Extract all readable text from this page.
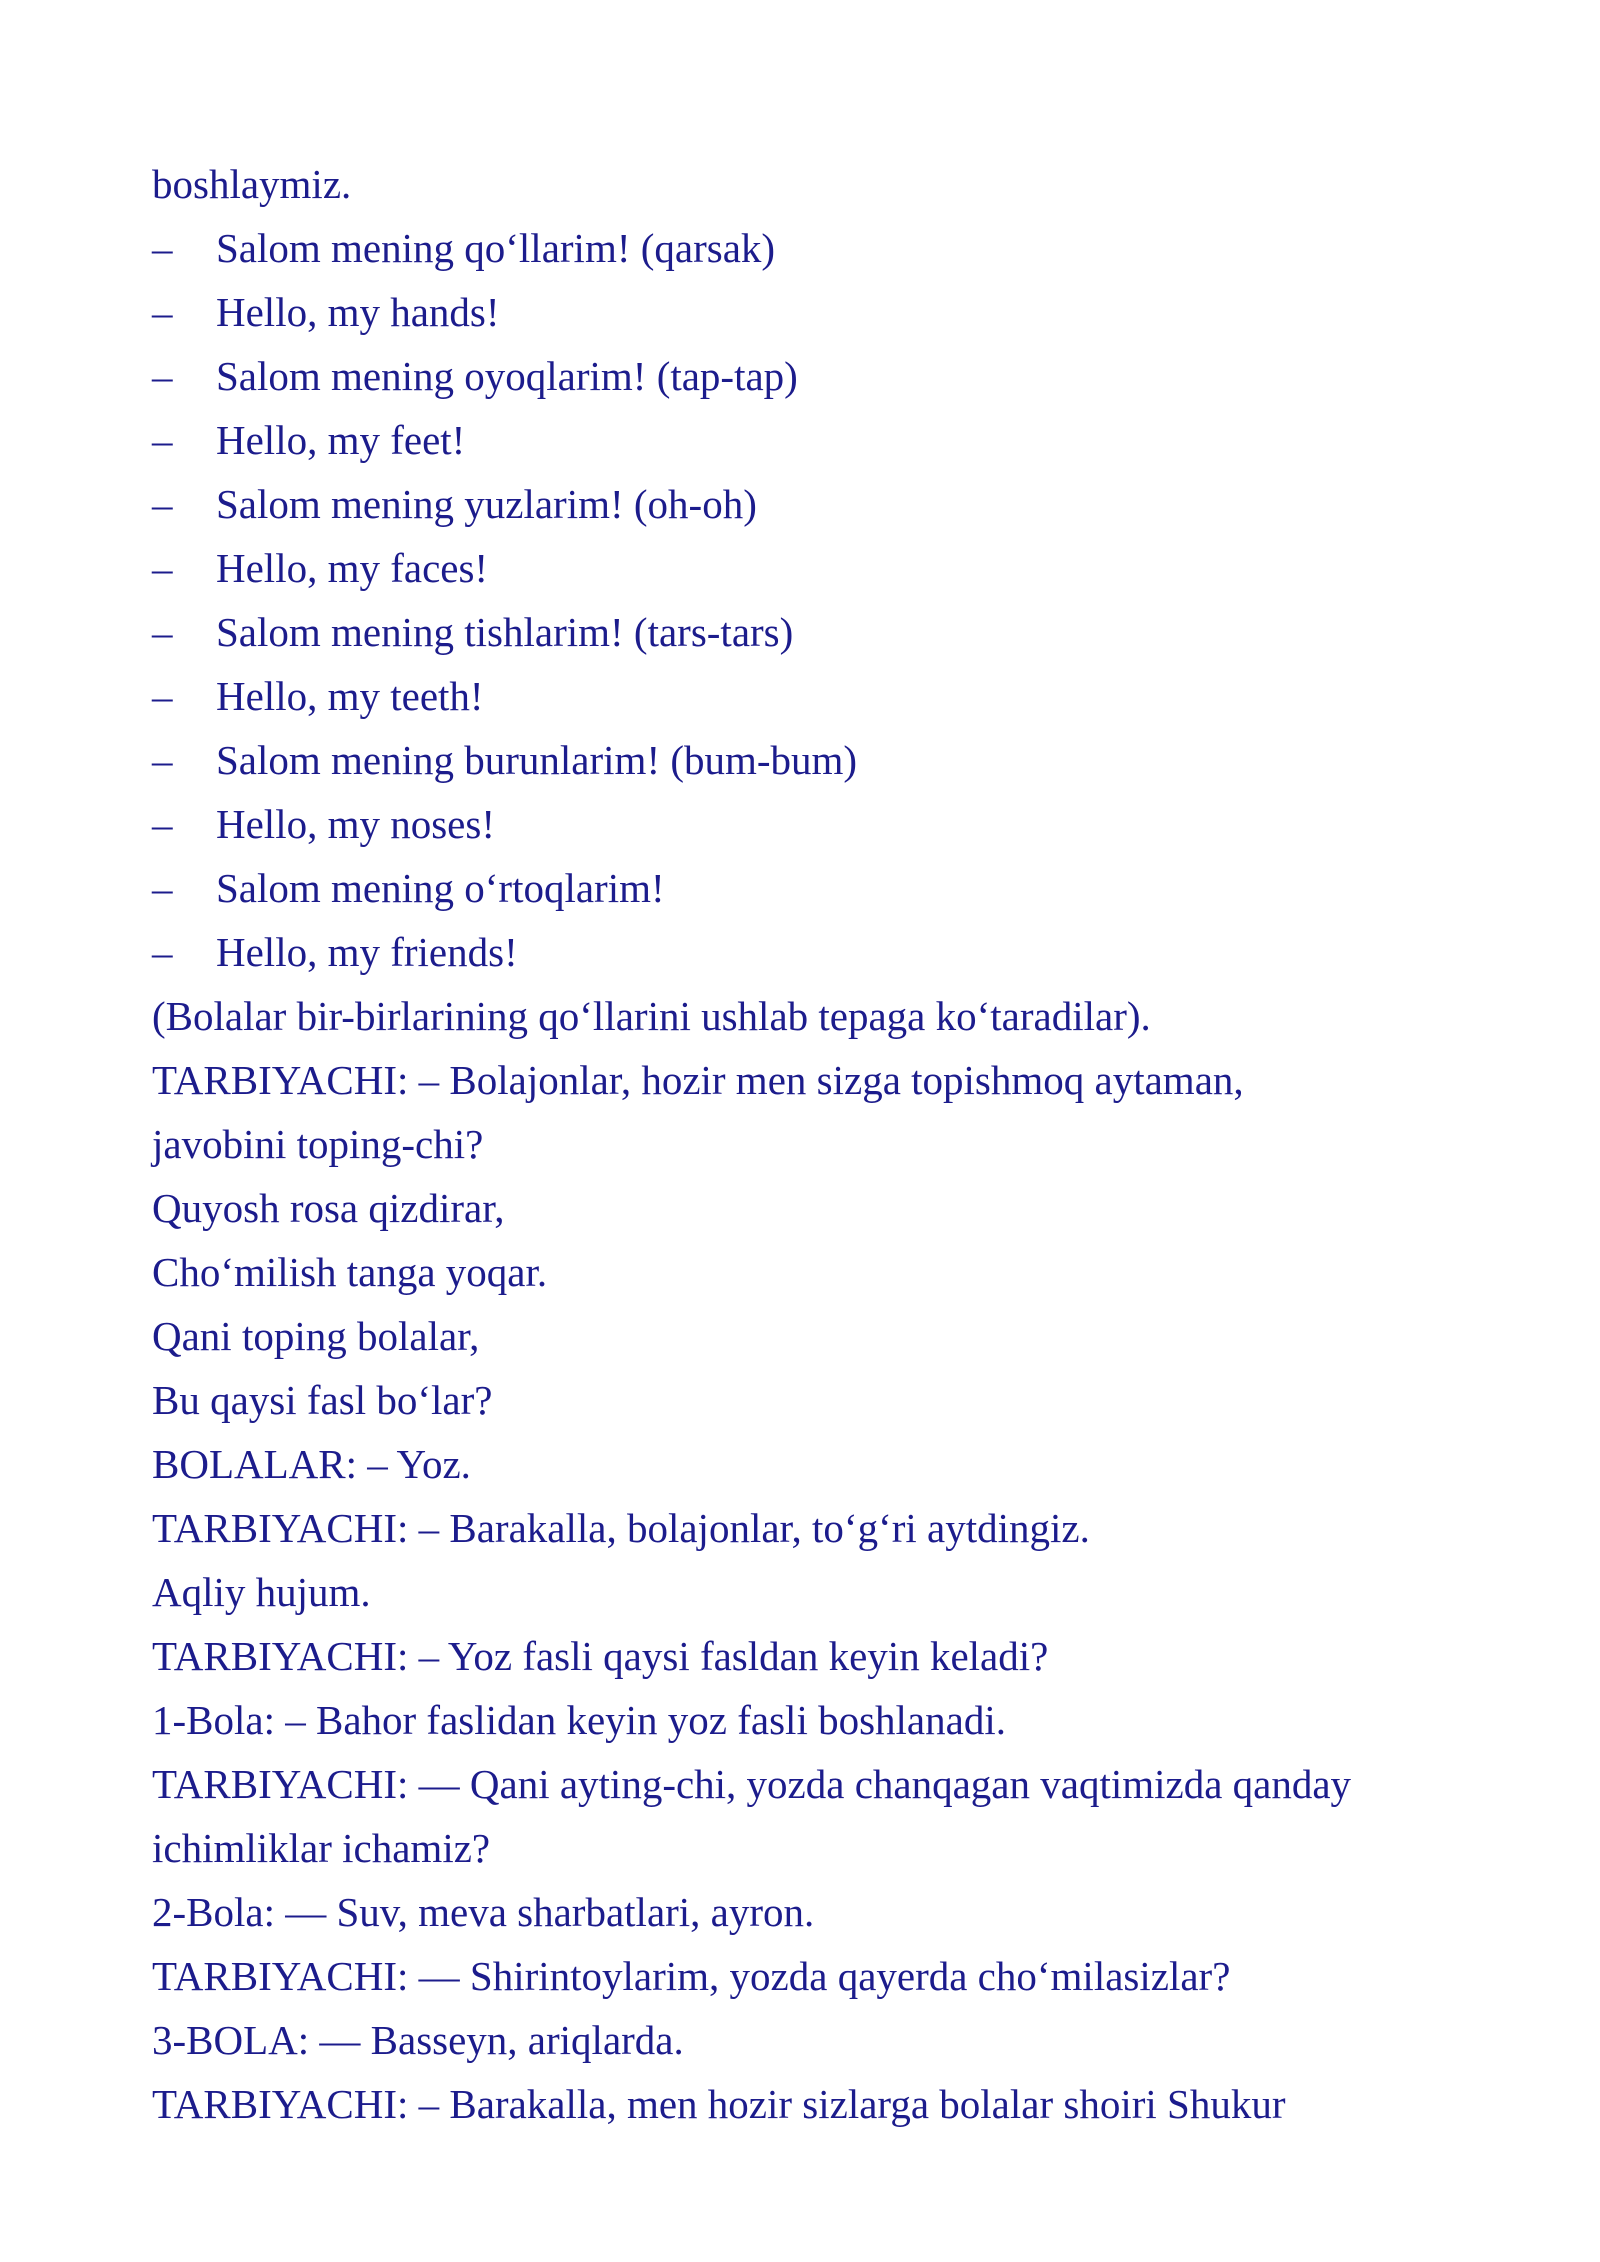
boshlaymiz.
– Salom mening qo‘llarim! (qarsak)
– Hello, my hands!
– Salom mening oyoqlarim! (tap-tap)
– Hello, my feet!
– Salom mening yuzlarim! (oh-oh)
– Hello, my faces!
– Salom mening tishlarim! (tars-tars)
– Hello, my teeth!
– Salom mening burunlarim! (bum-bum)
– Hello, my noses!
– Salom mening o‘rtoqlarim!
– Hello, my friends!
(Bolalar bir-birlarining qo‘llarini ushlab tepaga ko‘taradilar).
TARBIYACHI: – Bolajonlar, hozir men sizga topishmoq aytaman,
javobini toping-chi?
Quyosh rosa qizdirar,
Cho‘milish tanga yoqar.
Qani toping bolalar,
Bu qaysi fasl bo‘lar?
BOLALAR: – Yoz.
TARBIYACHI: – Barakalla, bolajonlar, to‘g‘ri aytdingiz.
Aqliy hujum.
TARBIYACHI: – Yoz fasli qaysi fasldan keyin keladi?
1-Bola: – Bahor faslidan keyin yoz fasli boshlanadi.
TARBIYACHI: — Qani ayting-chi, yozda chanqagan vaqtimizda qanday
ichimliklar ichamiz?
2-Bola: — Suv, meva sharbatlari, ayron.
TARBIYACHI: — Shirintoylarim, yozda qayerda cho‘milasizlar?
3-BOLA: — Basseyn, ariqlarda.
TARBIYACHI: – Barakalla, men hozir sizlarga bolalar shoiri Shukur
